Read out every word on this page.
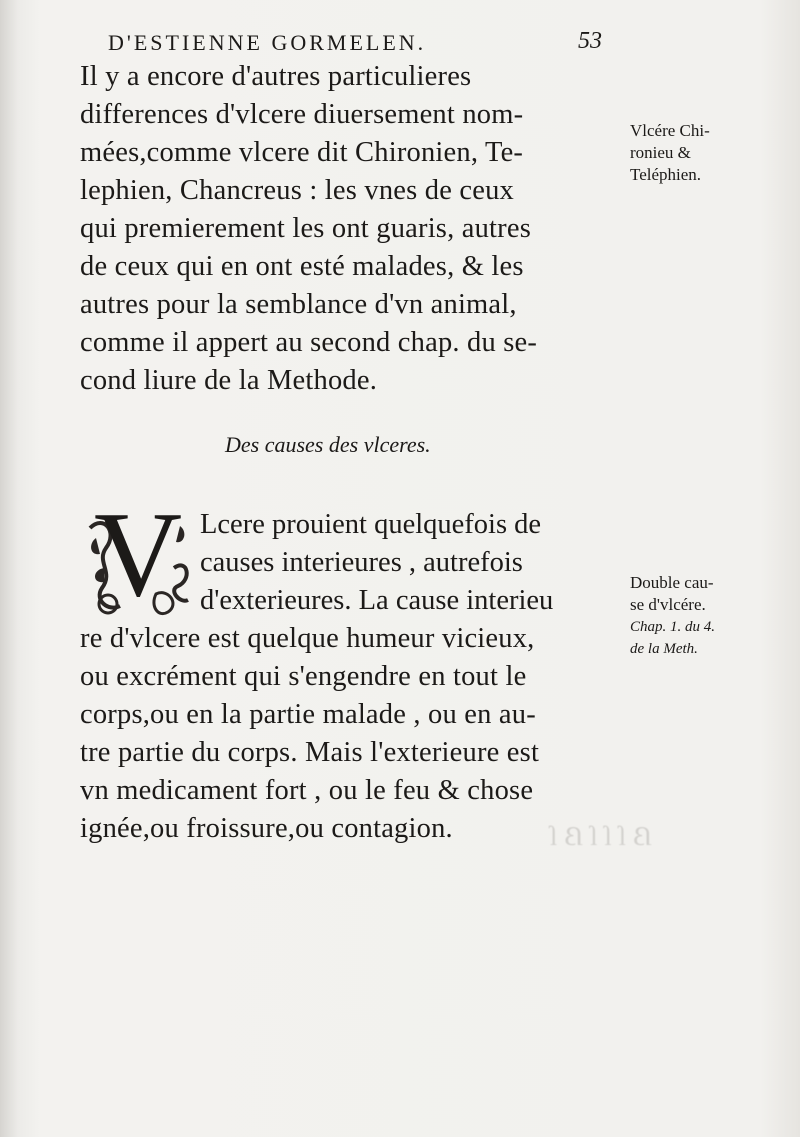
ẞ ſ ſ ſ ẞ ſ
D'ESTIENNE GORMELEN.	53
Il y a encore d'autres particulieres
differences d'vlcere diuersement nom-
mées,comme vlcere dit Chironien, Te-
lephien, Chancreus : les vnes de ceux
qui premierement les ont guaris, autres
de ceux qui en ont esté malades, & les
autres pour la semblance d'vn animal,
comme il appert au second chap. du se-
cond liure de la Methode.
Vlcére Chi-
ronieu &
Teléphien.
Des causes des vlceres.
V Lcere prouient quelquefois de
causes interieures , autrefois
d'exterieures. La cause interieu
re d'vlcere est quelque humeur vicieux,
ou excrément qui s'engendre en tout le
corps,ou en la partie malade , ou en au-
tre partie du corps. Mais l'exterieure est
vn medicament fort , ou le feu & chose
ignée,ou froissure,ou contagion.
Double cau-
se d'vlcére.
Chap. 1. du 4.
de la Meth.
